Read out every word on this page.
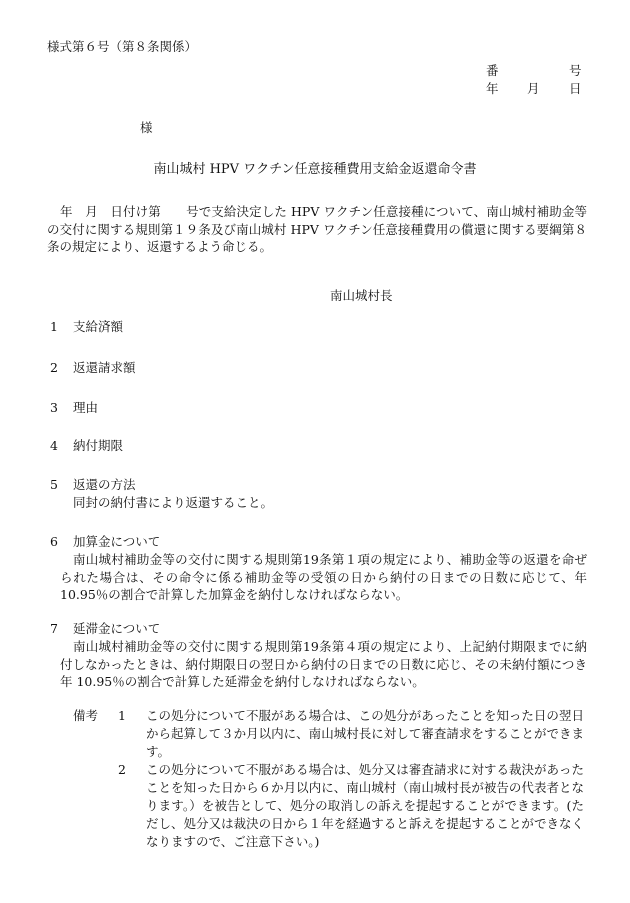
様式第６号（第８条関係）
番	号
年 月 日
様
南山城村 HPV ワクチン任意接種費用支給金返還命令書
年　月　日付け第　　号で支給決定した HPV ワクチン任意接種について、南山城村補助金等の交付に関する規則第１９条及び南山城村 HPV ワクチン任意接種費用の償還に関する要綱第８条の規定により、返還するよう命じる。
南山城村長
1 支給済額
2 返還請求額
3 理由
4 納付期限
5 返還の方法
同封の納付書により返還すること。
6 加算金について
南山城村補助金等の交付に関する規則第19条第１項の規定により、補助金等の返還を命ぜられた場合は、その命令に係る補助金等の受領の日から納付の日までの日数に応じて、年 10.95％の割合で計算した加算金を納付しなければならない。
7 延滞金について
南山城村補助金等の交付に関する規則第19条第４項の規定により、上記納付期限までに納付しなかったときは、納付期限日の翌日から納付の日までの日数に応じ、その未納付額につき年 10.95％の割合で計算した延滞金を納付しなければならない。
備考 1 この処分について不服がある場合は、この処分があったことを知った日の翌日から起算して３か月以内に、南山城村長に対して審査請求をすることができます。
2 この処分について不服がある場合は、処分又は審査請求に対する裁決があったことを知った日から６か月以内に、南山城村（南山城村長が被告の代表者となります。）を被告として、処分の取消しの訴えを提起することができます。(ただし、処分又は裁決の日から１年を経過すると訴えを提起することができなくなりますので、ご注意下さい。)
